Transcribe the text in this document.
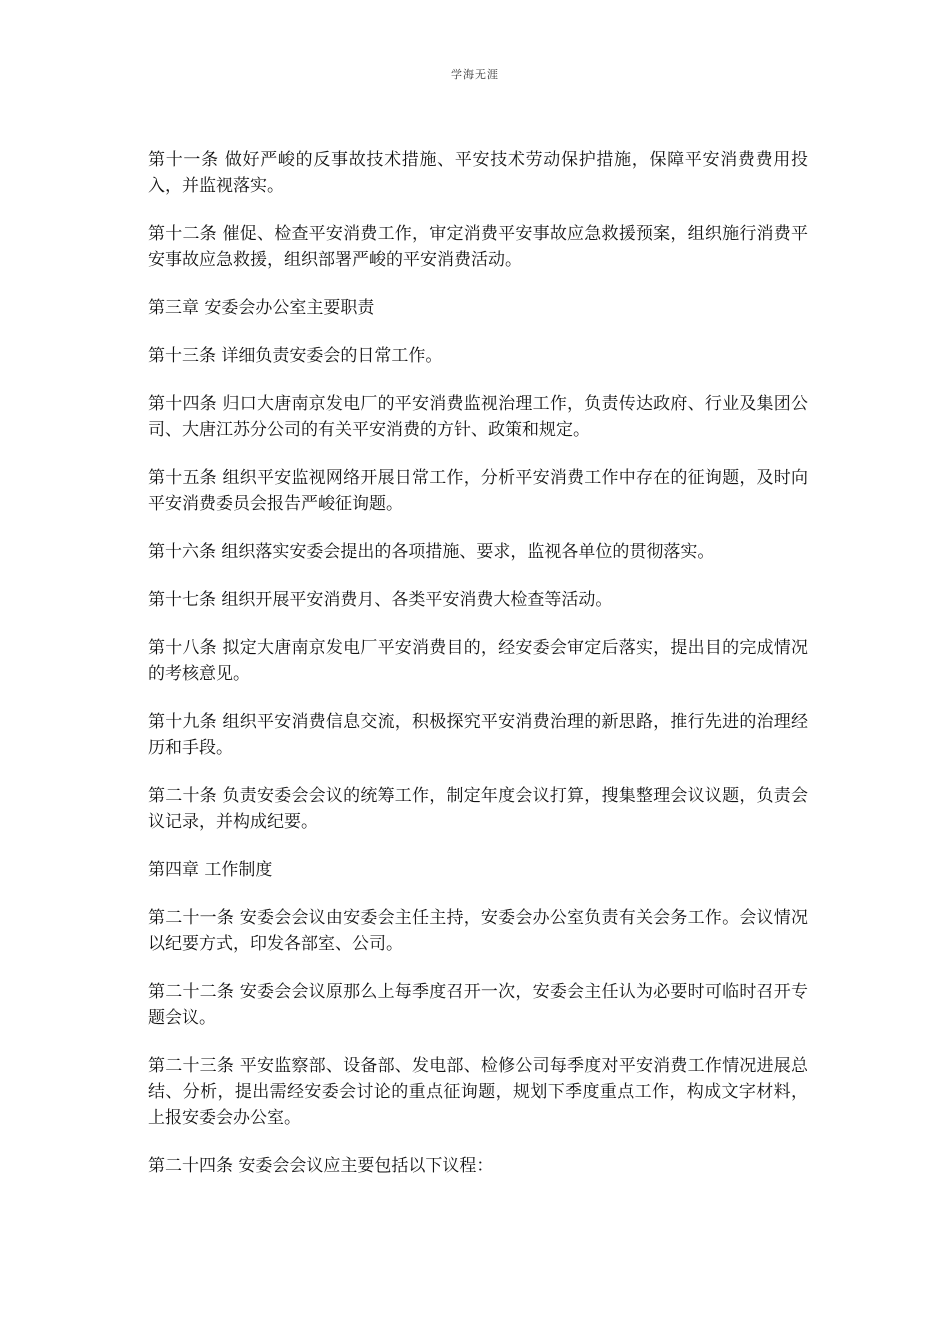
学海无涯

第十一条 做好严峻的反事故技术措施、平安技术劳动保护措施，保障平安消费费用投入，并监视落实。

第十二条 催促、检查平安消费工作，审定消费平安事故应急救援预案，组织施行消费平安事故应急救援，组织部署严峻的平安消费活动。

第三章 安委会办公室主要职责

第十三条 详细负责安委会的日常工作。

第十四条 归口大唐南京发电厂的平安消费监视治理工作，负责传达政府、行业及集团公司、大唐江苏分公司的有关平安消费的方针、政策和规定。

第十五条 组织平安监视网络开展日常工作，分析平安消费工作中存在的征询题，及时向平安消费委员会报告严峻征询题。

第十六条 组织落实安委会提出的各项措施、要求，监视各单位的贯彻落实。

第十七条 组织开展平安消费月、各类平安消费大检查等活动。

第十八条 拟定大唐南京发电厂平安消费目的，经安委会审定后落实，提出目的完成情况的考核意见。

第十九条 组织平安消费信息交流，积极探究平安消费治理的新思路，推行先进的治理经历和手段。

第二十条 负责安委会会议的统筹工作，制定年度会议打算，搜集整理会议议题，负责会议记录，并构成纪要。

第四章 工作制度

第二十一条 安委会会议由安委会主任主持，安委会办公室负责有关会务工作。会议情况以纪要方式，印发各部室、公司。

第二十二条 安委会会议原那么上每季度召开一次，安委会主任认为必要时可临时召开专题会议。

第二十三条 平安监察部、设备部、发电部、检修公司每季度对平安消费工作情况进展总结、分析，提出需经安委会讨论的重点征询题，规划下季度重点工作，构成文字材料，上报安委会办公室。

第二十四条 安委会会议应主要包括以下议程：
